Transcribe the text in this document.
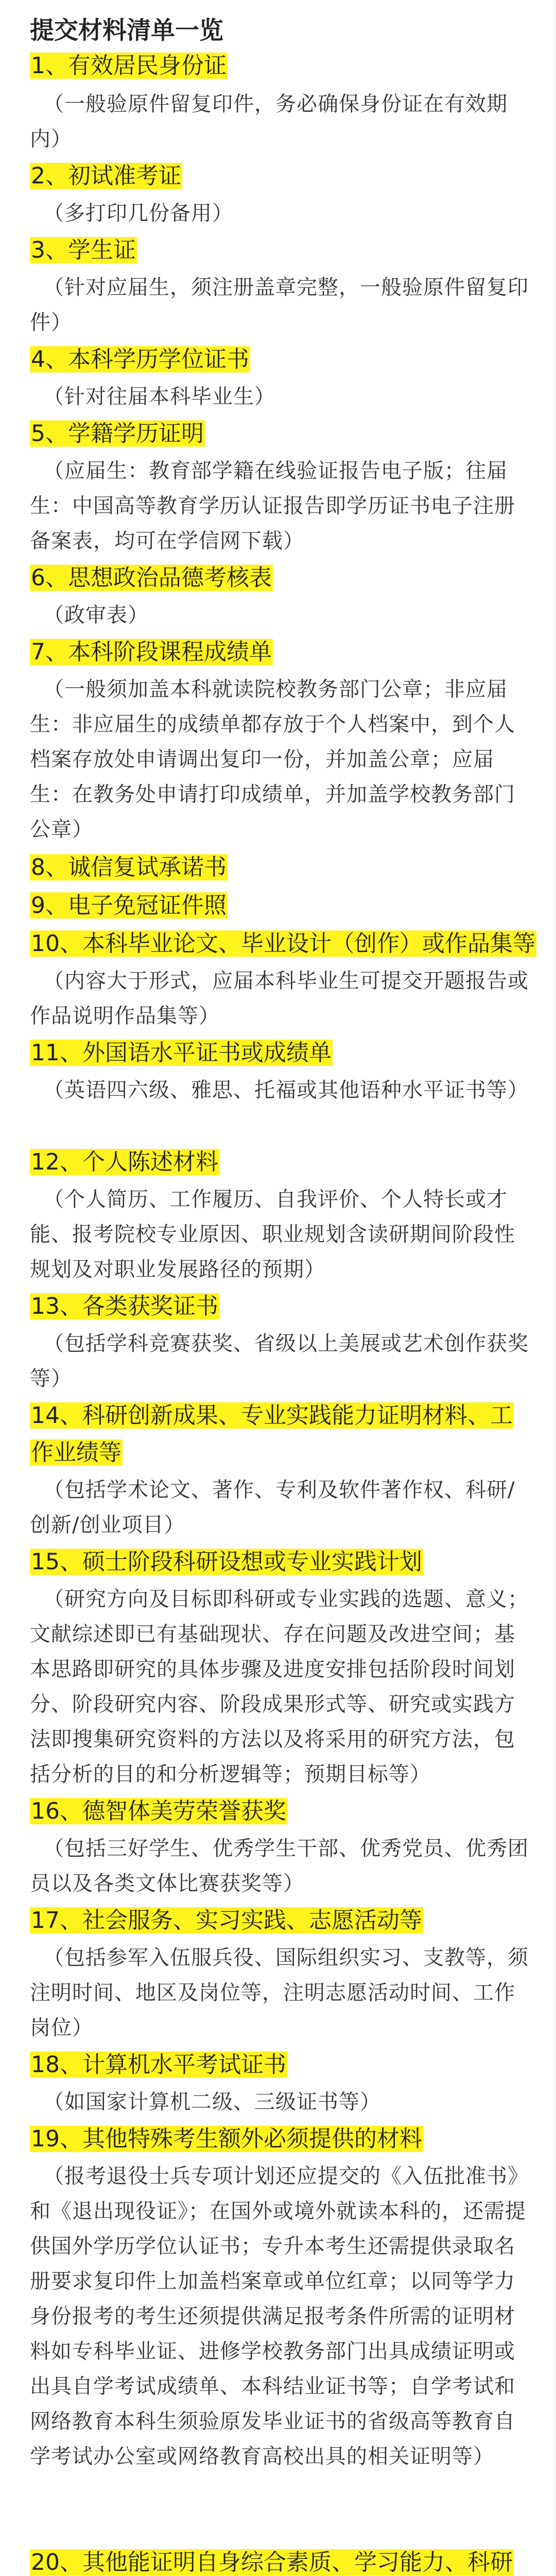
提交材料清单一览
1、有效居民身份证
（一般验原件留复印件，务必确保身份证在有效期内）
2、初试准考证
（多打印几份备用）
3、学生证
（针对应届生，须注册盖章完整，一般验原件留复印件）
4、本科学历学位证书
（针对往届本科毕业生）
5、学籍学历证明
（应届生：教育部学籍在线验证报告电子版；往届生：中国高等教育学历认证报告即学历证书电子注册备案表，均可在学信网下载）
6、思想政治品德考核表
（政审表）
7、本科阶段课程成绩单
（一般须加盖本科就读院校教务部门公章；非应届生：非应届生的成绩单都存放于个人档案中，到个人档案存放处申请调出复印一份，并加盖公章；应届生：在教务处申请打印成绩单，并加盖学校教务部门公章）
8、诚信复试承诺书
9、电子免冠证件照
10、本科毕业论文、毕业设计（创作）或作品集等
（内容大于形式，应届本科毕业生可提交开题报告或作品说明作品集等）
11、外国语水平证书或成绩单
（英语四六级、雅思、托福或其他语种水平证书等）
12、个人陈述材料
（个人简历、工作履历、自我评价、个人特长或才能、报考院校专业原因、职业规划含读研期间阶段性规划及对职业发展路径的预期）
13、各类获奖证书
（包括学科竞赛获奖、省级以上美展或艺术创作获奖等）
14、科研创新成果、专业实践能力证明材料、工作业绩等
（包括学术论文、著作、专利及软件著作权、科研/创新/创业项目）
15、硕士阶段科研设想或专业实践计划
（研究方向及目标即科研或专业实践的选题、意义；文献综述即已有基础现状、存在问题及改进空间；基本思路即研究的具体步骤及进度安排包括阶段时间划分、阶段研究内容、阶段成果形式等、研究或实践方法即搜集研究资料的方法以及将采用的研究方法，包括分析的目的和分析逻辑等；预期目标等）
16、德智体美劳荣誉获奖
（包括三好学生、优秀学生干部、优秀党员、优秀团员以及各类文体比赛获奖等）
17、社会服务、实习实践、志愿活动等
（包括参军入伍服兵役、国际组织实习、支教等，须注明时间、地区及岗位等，注明志愿活动时间、工作岗位）
18、计算机水平考试证书
（如国家计算机二级、三级证书等）
19、其他特殊考生额外必须提供的材料
（报考退役士兵专项计划还应提交的《入伍批准书》和《退出现役证》；在国外或境外就读本科的，还需提供国外学历学位认证书；专升本考生还需提供录取名册要求复印件上加盖档案章或单位红章；以同等学力身份报考的考生还须提供满足报考条件所需的证明材料如专科毕业证、进修学校教务部门出具成绩证明或出具自学考试成绩单、本科结业证书等；自学考试和网络教育本科生须验原发毕业证书的省级高等教育自学考试办公室或网络教育高校出具的相关证明等）
20、其他能证明自身综合素质、学习能力、科研
